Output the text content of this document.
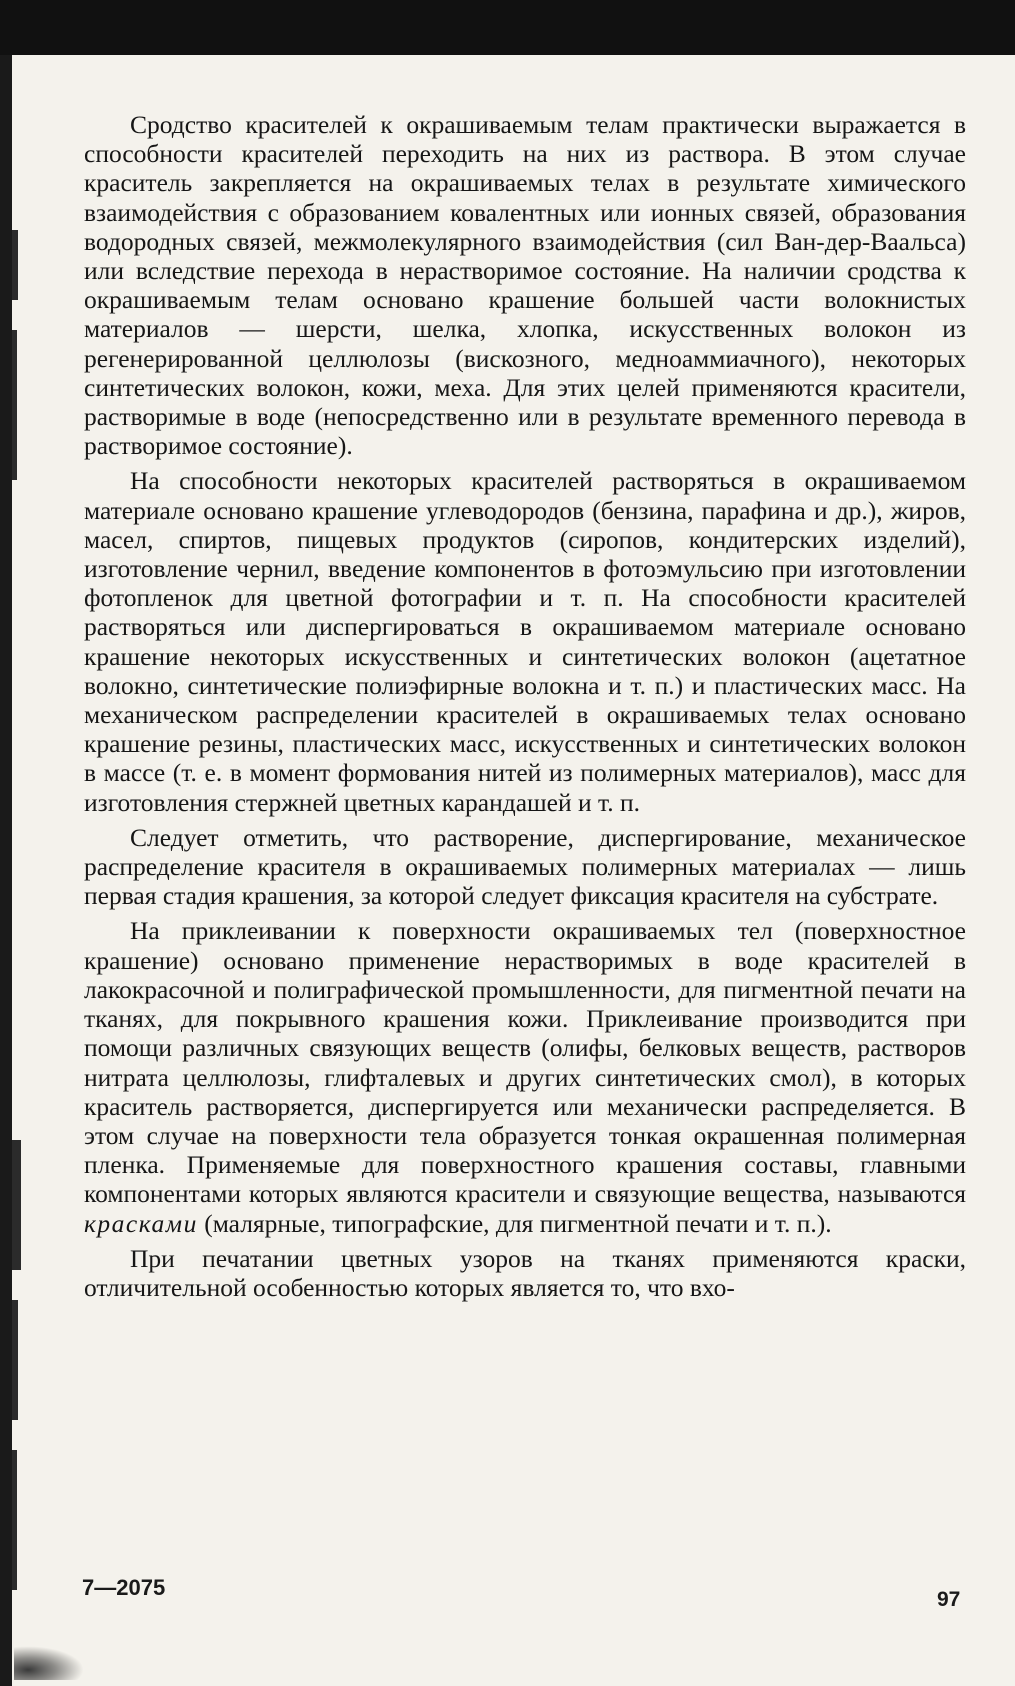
Сродство красителей к окрашиваемым телам практически выражается в способности красителей переходить на них из раствора. В этом случае краситель закрепляется на окрашиваемых телах в результате химического взаимодействия с образованием ковалентных или ионных связей, образования водородных связей, межмолекулярного взаимодействия (сил Ван-дер-Ваальса) или вследствие перехода в нерастворимое состояние. На наличии сродства к окрашиваемым телам основано крашение большей части волокнистых материалов — шерсти, шелка, хлопка, искусственных волокон из регенерированной целлюлозы (вискозного, медноаммиачного), некоторых синтетических волокон, кожи, меха. Для этих целей применяются красители, растворимые в воде (непосредственно или в результате временного перевода в растворимое состояние).

На способности некоторых красителей растворяться в окрашиваемом материале основано крашение углеводородов (бензина, парафина и др.), жиров, масел, спиртов, пищевых продуктов (сиропов, кондитерских изделий), изготовление чернил, введение компонентов в фотоэмульсию при изготовлении фотопленок для цветной фотографии и т. п. На способности красителей растворяться или диспергироваться в окрашиваемом материале основано крашение некоторых искусственных и синтетических волокон (ацетатное волокно, синтетические полиэфирные волокна и т. п.) и пластических масс. На механическом распределении красителей в окрашиваемых телах основано крашение резины, пластических масс, искусственных и синтетических волокон в массе (т. е. в момент формования нитей из полимерных материалов), масс для изготовления стержней цветных карандашей и т. п.

Следует отметить, что растворение, диспергирование, механическое распределение красителя в окрашиваемых полимерных материалах — лишь первая стадия крашения, за которой следует фиксация красителя на субстрате.

На приклеивании к поверхности окрашиваемых тел (поверхностное крашение) основано применение нерастворимых в воде красителей в лакокрасочной и полиграфической промышленности, для пигментной печати на тканях, для покрывного крашения кожи. Приклеивание производится при помощи различных связующих веществ (олифы, белковых веществ, растворов нитрата целлюлозы, глифталевых и других синтетических смол), в которых краситель растворяется, диспергируется или механически распределяется. В этом случае на поверхности тела образуется тонкая окрашенная полимерная пленка. Применяемые для поверхностного крашения составы, главными компонентами которых являются красители и связующие вещества, называются красками (малярные, типографские, для пигментной печати и т. п.).

При печатании цветных узоров на тканях применяются краски, отличительной особенностью которых является то, что вхо-

7—2075	97
